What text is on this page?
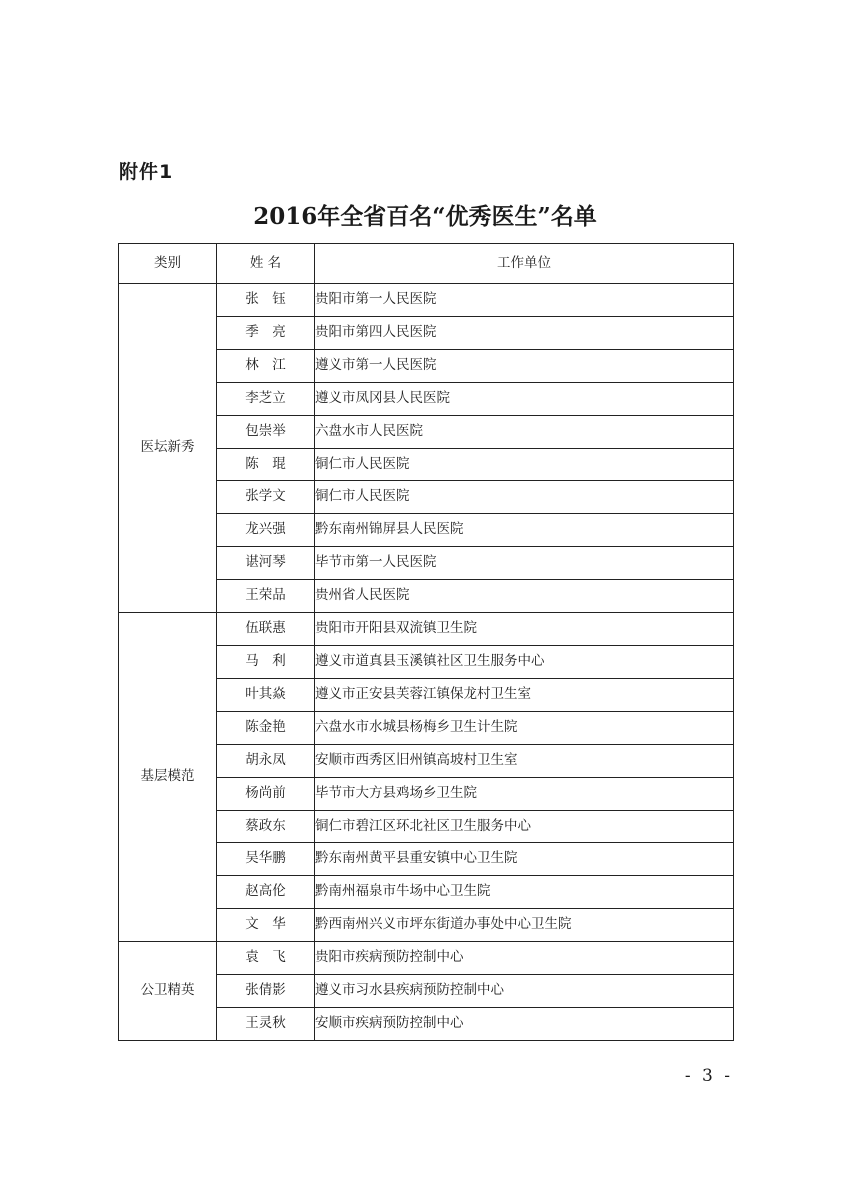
附件1
2016年全省百名“优秀医生”名单
类别	姓 名	工作单位
医坛新秀	张　钰	贵阳市第一人民医院
	季　亮	贵阳市第四人民医院
	林　江	遵义市第一人民医院
	李芝立	遵义市凤冈县人民医院
	包崇举	六盘水市人民医院
	陈　琨	铜仁市人民医院
	张学文	铜仁市人民医院
	龙兴强	黔东南州锦屏县人民医院
	谌河琴	毕节市第一人民医院
	王荣品	贵州省人民医院
基层模范	伍联惠	贵阳市开阳县双流镇卫生院
	马　利	遵义市道真县玉溪镇社区卫生服务中心
	叶其焱	遵义市正安县芙蓉江镇保龙村卫生室
	陈金艳	六盘水市水城县杨梅乡卫生计生院
	胡永凤	安顺市西秀区旧州镇高坡村卫生室
	杨尚前	毕节市大方县鸡场乡卫生院
	蔡政东	铜仁市碧江区环北社区卫生服务中心
	吴华鹏	黔东南州黄平县重安镇中心卫生院
	赵高伦	黔南州福泉市牛场中心卫生院
	文　华	黔西南州兴义市坪东街道办事处中心卫生院
公卫精英	袁　飞	贵阳市疾病预防控制中心
	张倩影	遵义市习水县疾病预防控制中心
	王灵秋	安顺市疾病预防控制中心
- 3 -
